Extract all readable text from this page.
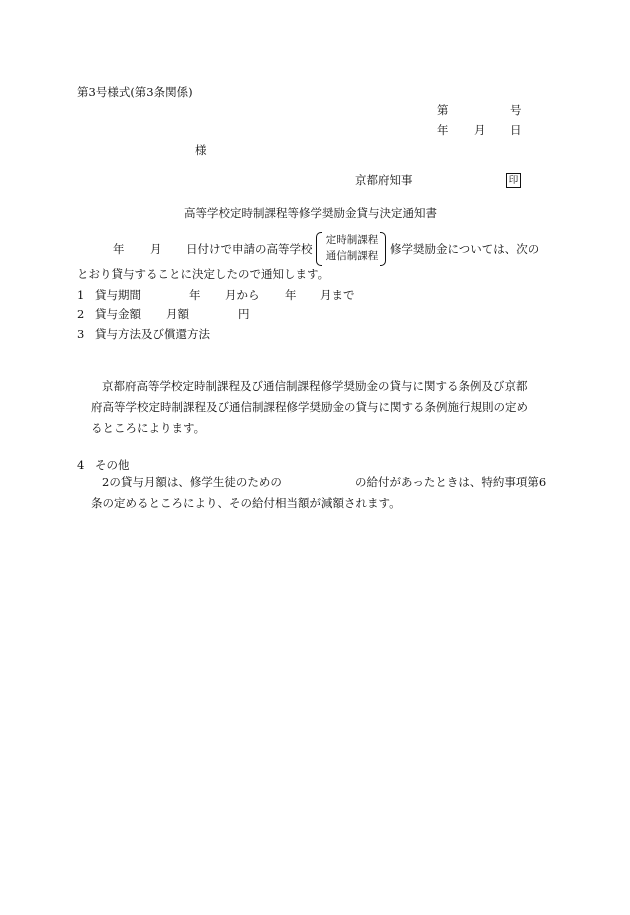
第3号様式(第3条関係)
第	号
年 月 日
様
京都府知事	印
高等学校定時制課程等修学奨励金貸与決定通知書
年 月 日付けで申請の高等学校
定時制課程
通信制課程	修学奨励金については、次の
とおり貸与することに決定したので通知します。
1 貸与期間	年 月から 年 月まで
2 貸与金額 月額	円
3 貸与方法及び償還方法
京都府高等学校定時制課程及び通信制課程修学奨励金の貸与に関する条例及び京都
府高等学校定時制課程及び通信制課程修学奨励金の貸与に関する条例施行規則の定め
るところによります。
4 その他
2の貸与月額は、修学生徒のための	の給付があったときは、特約事項第6
条の定めるところにより、その給付相当額が減額されます。
